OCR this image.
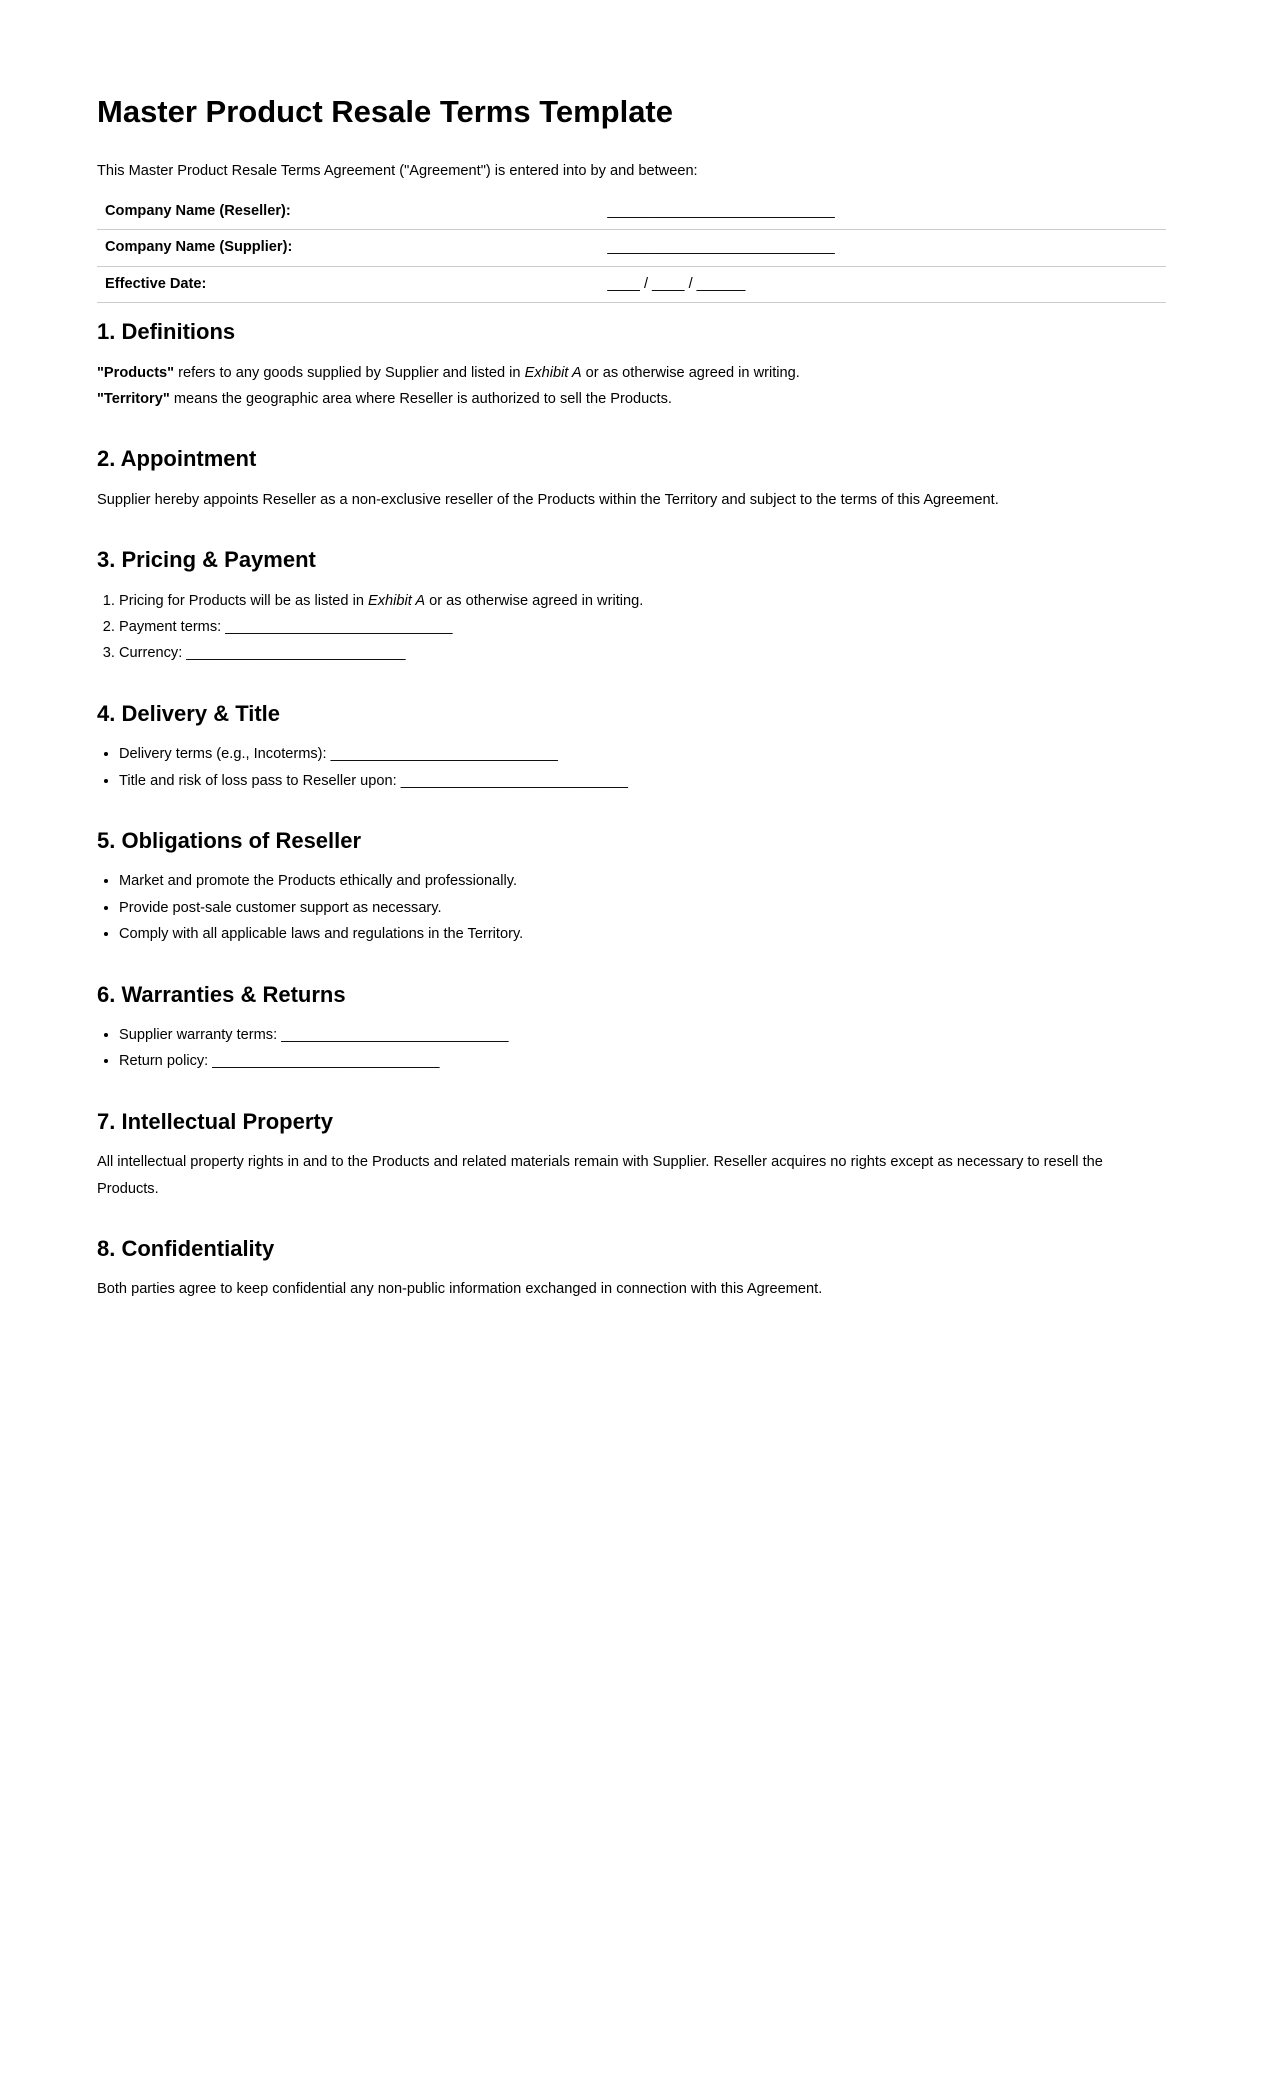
Master Product Resale Terms Template

This Master Product Resale Terms Agreement ("Agreement") is entered into by and between:

Company Name (Reseller):	____________________________
Company Name (Supplier):	____________________________
Effective Date:	____ / ____ / ______
1. Definitions

"Products" refers to any goods supplied by Supplier and listed in Exhibit A or as otherwise agreed in writing.
"Territory" means the geographic area where Reseller is authorized to sell the Products.

2. Appointment

Supplier hereby appoints Reseller as a non-exclusive reseller of the Products within the Territory and subject to the terms of this Agreement.

3. Pricing & Payment
1. Pricing for Products will be as listed in Exhibit A or as otherwise agreed in writing.
2. Payment terms: ____________________________
3. Currency: ___________________________
4. Delivery & Title
• Delivery terms (e.g., Incoterms): ____________________________
• Title and risk of loss pass to Reseller upon: ____________________________
5. Obligations of Reseller
• Market and promote the Products ethically and professionally.
• Provide post-sale customer support as necessary.
• Comply with all applicable laws and regulations in the Territory.
6. Warranties & Returns
• Supplier warranty terms: ____________________________
• Return policy: ____________________________
7. Intellectual Property

All intellectual property rights in and to the Products and related materials remain with Supplier. Reseller acquires no rights except as necessary to resell the Products.

8. Confidentiality

Both parties agree to keep confidential any non-public information exchanged in connection with this Agreement.
